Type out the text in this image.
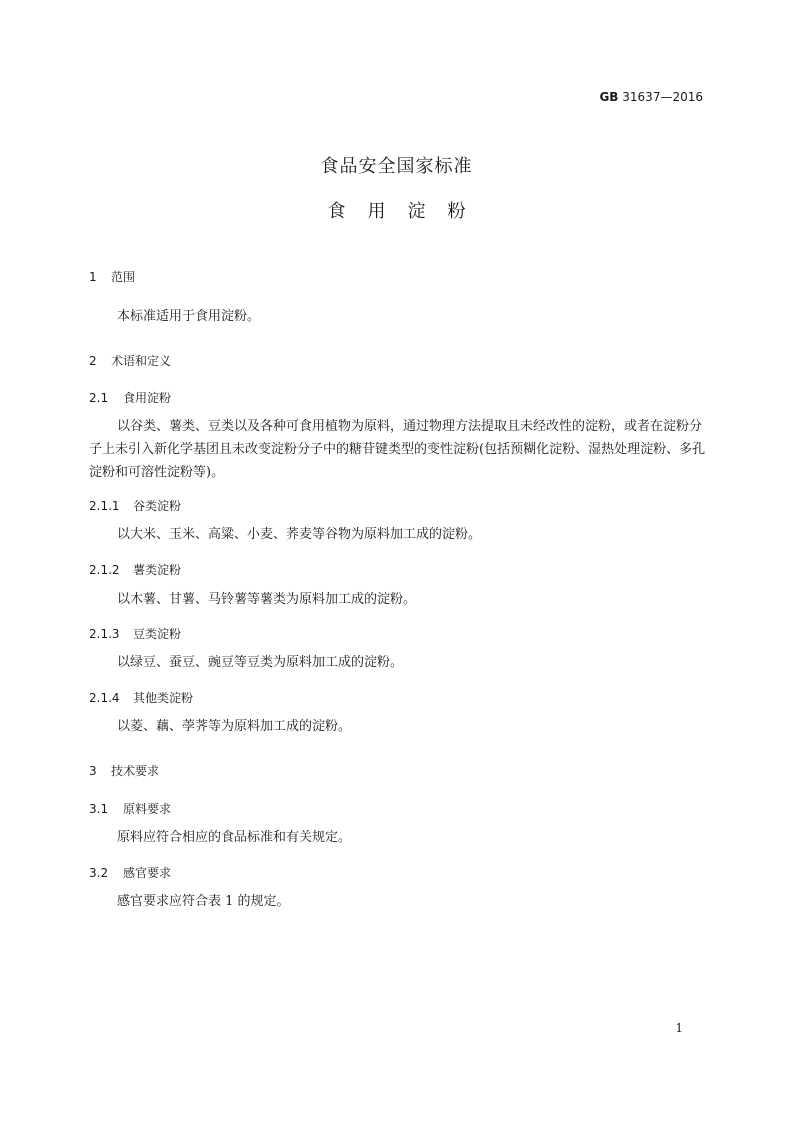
GB 31637—2016
食品安全国家标准
食用淀粉
1 范围
本标准适用于食用淀粉。
2 术语和定义
2.1 食用淀粉
以谷类、薯类、豆类以及各种可食用植物为原料，通过物理方法提取且未经改性的淀粉，或者在淀粉分子上未引入新化学基团且未改变淀粉分子中的糖苷键类型的变性淀粉(包括预糊化淀粉、湿热处理淀粉、多孔淀粉和可溶性淀粉等)。
2.1.1 谷类淀粉
以大米、玉米、高粱、小麦、荞麦等谷物为原料加工成的淀粉。
2.1.2 薯类淀粉
以木薯、甘薯、马铃薯等薯类为原料加工成的淀粉。
2.1.3 豆类淀粉
以绿豆、蚕豆、豌豆等豆类为原料加工成的淀粉。
2.1.4 其他类淀粉
以菱、藕、荸荠等为原料加工成的淀粉。
3 技术要求
3.1 原料要求
原料应符合相应的食品标准和有关规定。
3.2 感官要求
感官要求应符合表 1 的规定。
1
